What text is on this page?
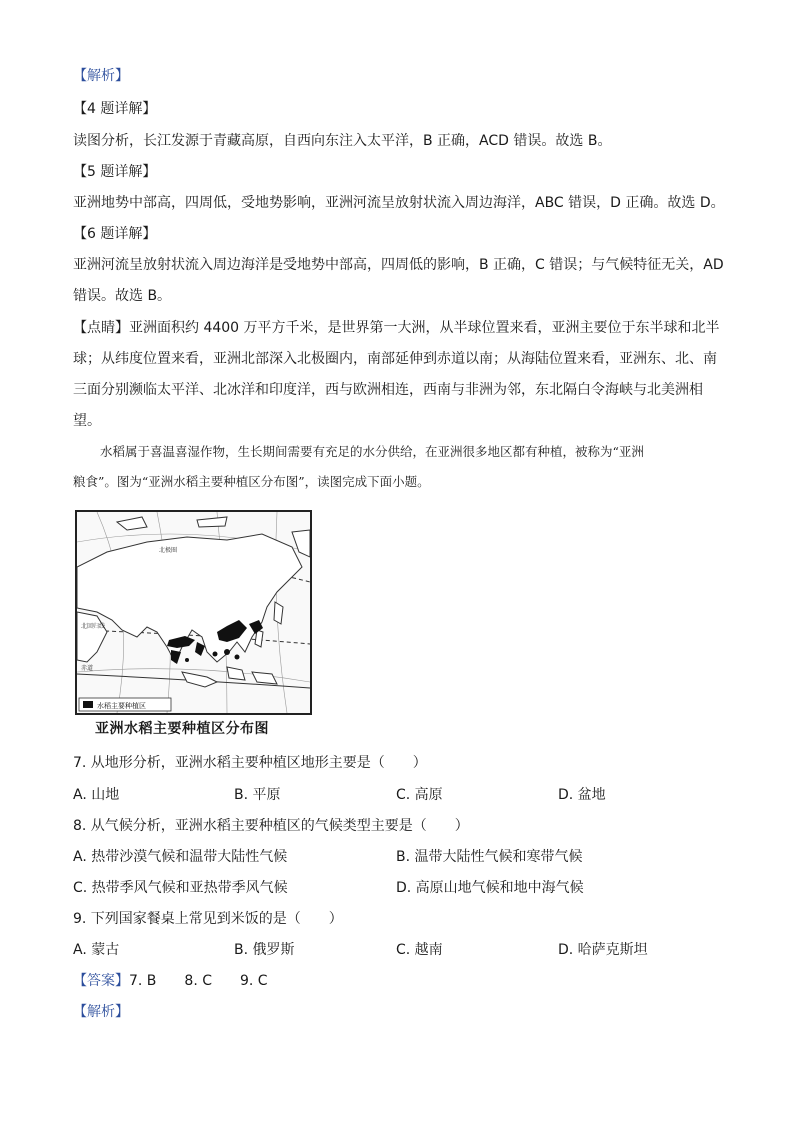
【解析】
【4 题详解】
读图分析，长江发源于青藏高原，自西向东注入太平洋，B 正确，ACD 错误。故选 B。
【5 题详解】
亚洲地势中部高，四周低，受地势影响，亚洲河流呈放射状流入周边海洋，ABC 错误，D 正确。故选 D。
【6 题详解】
亚洲河流呈放射状流入周边海洋是受地势中部高，四周低的影响，B 正确，C 错误；与气候特征无关，AD
错误。故选 B。
【点睛】亚洲面积约 4400 万平方千米，是世界第一大洲，从半球位置来看，亚洲主要位于东半球和北半
球；从纬度位置来看，亚洲北部深入北极圈内，南部延伸到赤道以南；从海陆位置来看，亚洲东、北、南
三面分别濒临太平洋、北冰洋和印度洋，西与欧洲相连，西南与非洲为邻，东北隔白令海峡与北美洲相
望。
水稻属于喜温喜湿作物，生长期间需要有充足的水分供给，在亚洲很多地区都有种植，被称为“亚洲
粮食”。图为“亚洲水稻主要种植区分布图”，读图完成下面小题。
北极圈
北回归线
赤道
水稻主要种植区
亚洲水稻主要种植区分布图
7. 从地形分析，亚洲水稻主要种植区地形主要是（　　）
A. 山地	B. 平原	C. 高原	D. 盆地
8. 从气候分析，亚洲水稻主要种植区的气候类型主要是（　　）
A. 热带沙漠气候和温带大陆性气候	B. 温带大陆性气候和寒带气候
C. 热带季风气候和亚热带季风气候	D. 高原山地气候和地中海气候
9. 下列国家餐桌上常见到米饭的是（　　）
A. 蒙古	B. 俄罗斯	C. 越南	D. 哈萨克斯坦
【答案】7. B　　8. C　　9. C
【解析】
